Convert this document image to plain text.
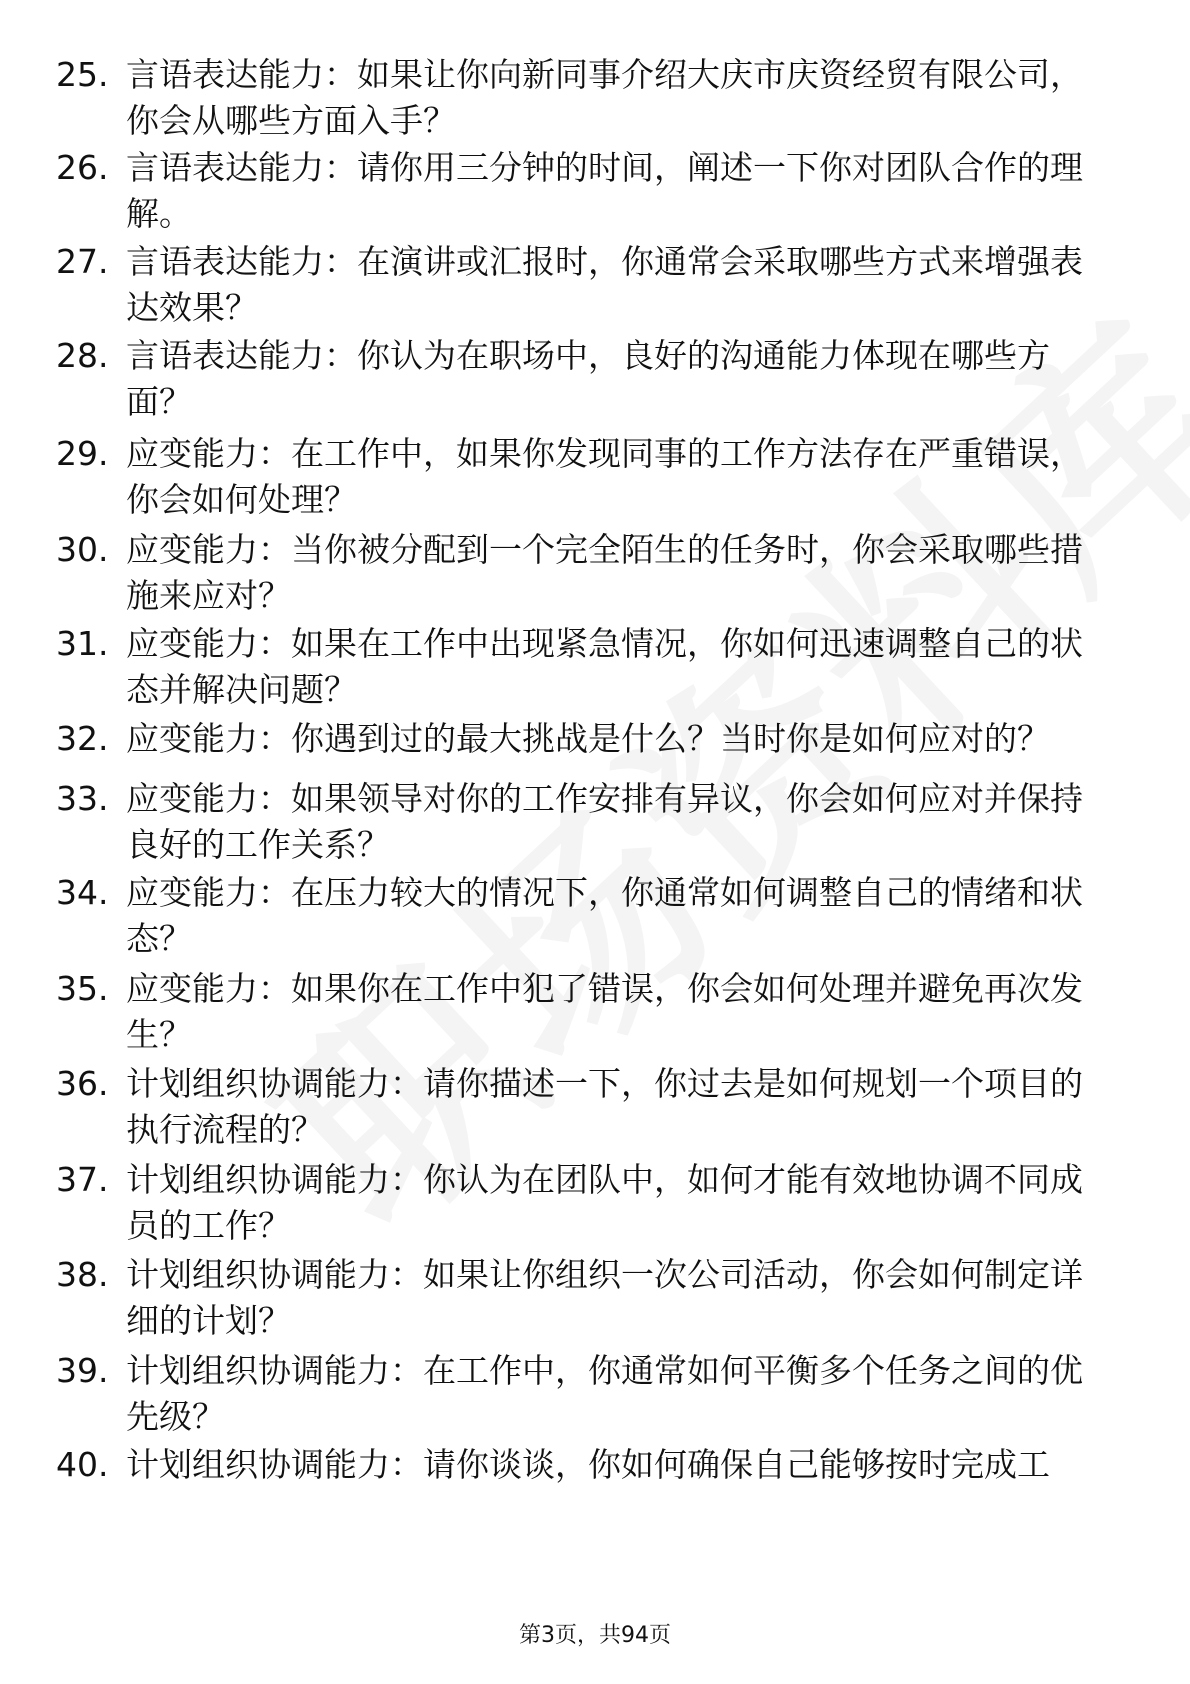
25. 言语表达能力：如果让你向新同事介绍大庆市庆资经贸有限公司，你会从哪些方面入手？
26. 言语表达能力：请你用三分钟的时间，阐述一下你对团队合作的理解。
27. 言语表达能力：在演讲或汇报时，你通常会采取哪些方式来增强表达效果？
28. 言语表达能力：你认为在职场中，良好的沟通能力体现在哪些方面？
29. 应变能力：在工作中，如果你发现同事的工作方法存在严重错误，你会如何处理？
30. 应变能力：当你被分配到一个完全陌生的任务时，你会采取哪些措施来应对？
31. 应变能力：如果在工作中出现紧急情况，你如何迅速调整自己的状态并解决问题？
32. 应变能力：你遇到过的最大挑战是什么？当时你是如何应对的？
33. 应变能力：如果领导对你的工作安排有异议，你会如何应对并保持良好的工作关系？
34. 应变能力：在压力较大的情况下，你通常如何调整自己的情绪和状态？
35. 应变能力：如果你在工作中犯了错误，你会如何处理并避免再次发生？
36. 计划组织协调能力：请你描述一下，你过去是如何规划一个项目的执行流程的？
37. 计划组织协调能力：你认为在团队中，如何才能有效地协调不同成员的工作？
38. 计划组织协调能力：如果让你组织一次公司活动，你会如何制定详细的计划？
39. 计划组织协调能力：在工作中，你通常如何平衡多个任务之间的优先级？
40. 计划组织协调能力：请你谈谈，你如何确保自己能够按时完成工
第3页，共94页
